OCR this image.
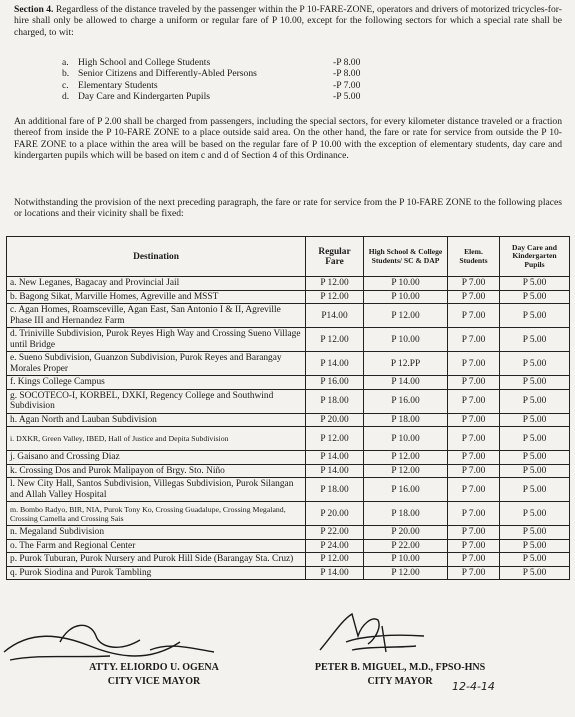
Section 4. Regardless of the distance traveled by the passenger within the P 10-FARE-ZONE, operators and drivers of motorized tricycles-for-hire shall only be allowed to charge a uniform or regular fare of P 10.00, except for the following sectors for which a special rate shall be charged, to wit:
a. High School and College Students	-P 8.00
b. Senior Citizens and Differently-Abled Persons	-P 8.00
c. Elementary Students	-P 7.00
d. Day Care and Kindergarten Pupils	-P 5.00
An additional fare of P 2.00 shall be charged from passengers, including the special sectors, for every kilometer distance traveled or a fraction thereof from inside the P 10-FARE ZONE to a place outside said area. On the other hand, the fare or rate for service from outside the P 10-FARE ZONE to a place within the area will be based on the regular fare of P 10.00 with the exception of elementary students, day care and kindergarten pupils which will be based on item c and d of Section 4 of this Ordinance.
Notwithstanding the provision of the next preceding paragraph, the fare or rate for service from the P 10-FARE ZONE to the following places or locations and their vicinity shall be fixed:
Destination	Regular Fare	High School & College Students/ SC & DAP	Elem. Students	Day Care and Kindergarten Pupils
a. New Leganes, Bagacay and Provincial Jail	P 12.00	P 10.00	P 7.00	P 5.00
b. Bagong Sikat, Marville Homes, Agreville and MSST	P 12.00	P 10.00	P 7.00	P 5.00
c. Agan Homes, Roamsceville, Agan East, San Antonio I & II, Agreville Phase III and Hernandez Farm	P14.00	P 12.00	P 7.00	P 5.00
d. Triniville Subdivision, Purok Reyes High Way and Crossing Sueno Village until Bridge	P 12.00	P 10.00	P 7.00	P 5.00
e. Sueno Subdivision, Guanzon Subdivision, Purok Reyes and Barangay Morales Proper	P 14.00	P 12.PP	P 7.00	P 5.00
f. Kings College Campus	P 16.00	P 14.00	P 7.00	P 5.00
g. SOCOTECO-I, KORBEL, DXKI, Regency College and Southwind Subdivision	P 18.00	P 16.00	P 7.00	P 5.00
h. Agan North and Lauban Subdivision	P 20.00	P 18.00	P 7.00	P 5.00
i. DXKR, Green Valley, IBED, Hall of Justice and Depita Subdivision	P 12.00	P 10.00	P 7.00	P 5.00
j. Gaisano and Crossing Diaz	P 14.00	P 12.00	P 7.00	P 5.00
k. Crossing Dos and Purok Malipayon of Brgy. Sto. Niño	P 14.00	P 12.00	P 7.00	P 5.00
l. New City Hall, Santos Subdivision, Villegas Subdivision, Purok Silangan and Allah Valley Hospital	P 18.00	P 16.00	P 7.00	P 5.00
m. Bombo Radyo, BIR, NIA, Purok Tony Ko, Crossing Guadalupe, Crossing Megaland, Crossing Camella and Crossing Sais	P 20.00	P 18.00	P 7.00	P 5.00
n. Megaland Subdivision	P 22.00	P 20.00	P 7.00	P 5.00
o. The Farm and Regional Center	P 24.00	P 22.00	P 7.00	P 5.00
p. Purok Tuburan, Purok Nursery and Purok Hill Side (Barangay Sta. Cruz)	P 12.00	P 10.00	P 7.00	P 5.00
q. Purok Siodina and Purok Tambling	P 14.00	P 12.00	P 7.00	P 5.00
ATTY. ELIORDO U. OGENA
CITY VICE MAYOR
PETER B. MIGUEL, M.D., FPSO-HNS
CITY MAYOR	12-4-14
